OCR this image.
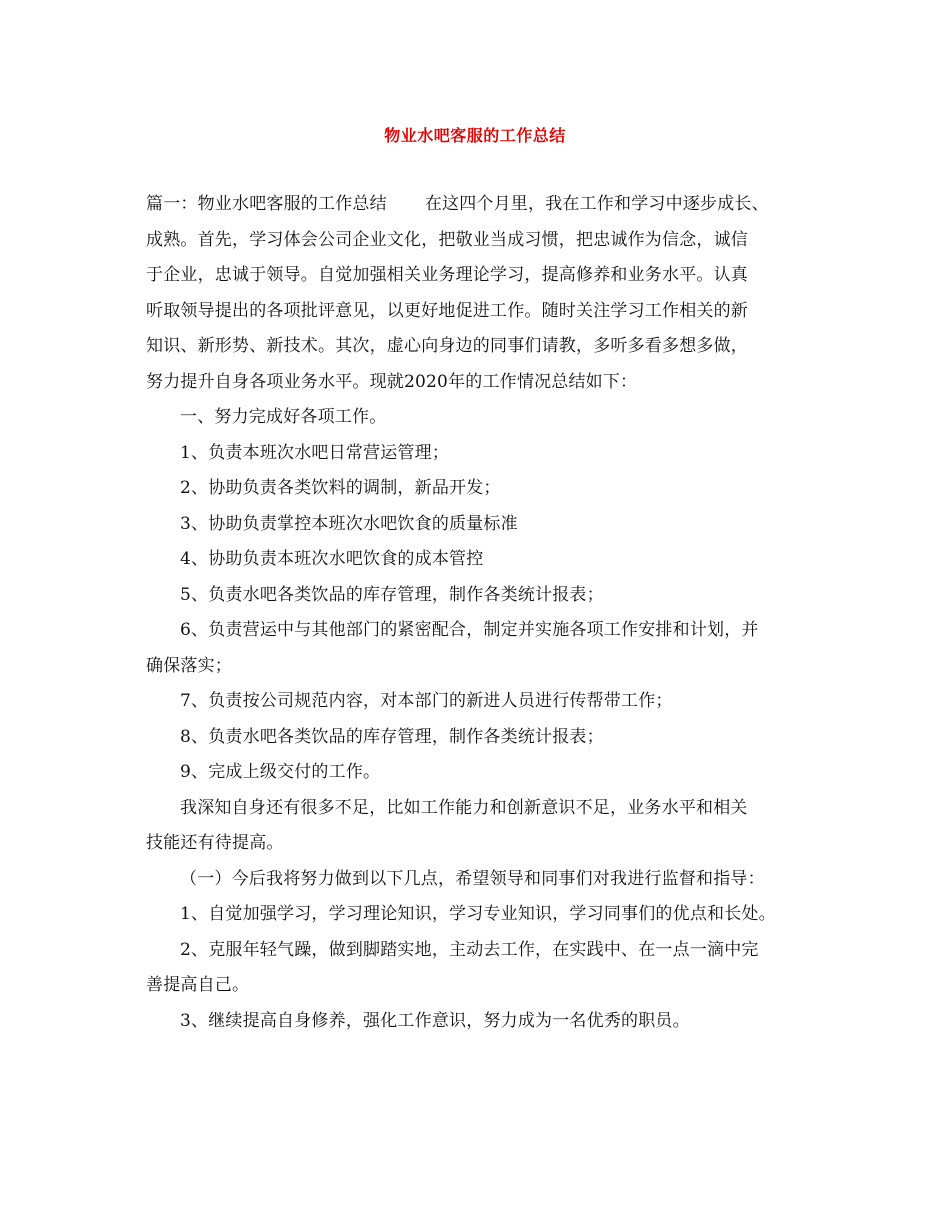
物业水吧客服的工作总结
篇一：物业水吧客服的工作总结 在这四个月里，我在工作和学习中逐步成长、
成熟。首先，学习体会公司企业文化，把敬业当成习惯，把忠诚作为信念，诚信
于企业，忠诚于领导。自觉加强相关业务理论学习，提高修养和业务水平。认真
听取领导提出的各项批评意见，以更好地促进工作。随时关注学习工作相关的新
知识、新形势、新技术。其次，虚心向身边的同事们请教，多听多看多想多做，
努力提升自身各项业务水平。现就2020年的工作情况总结如下：
一、努力完成好各项工作。
1、负责本班次水吧日常营运管理；
2、协助负责各类饮料的调制，新品开发；
3、协助负责掌控本班次水吧饮食的质量标准
4、协助负责本班次水吧饮食的成本管控
5、负责水吧各类饮品的库存管理，制作各类统计报表；
6、负责营运中与其他部门的紧密配合，制定并实施各项工作安排和计划，并
确保落实；
7、负责按公司规范内容，对本部门的新进人员进行传帮带工作；
8、负责水吧各类饮品的库存管理，制作各类统计报表；
9、完成上级交付的工作。
我深知自身还有很多不足，比如工作能力和创新意识不足，业务水平和相关
技能还有待提高。
（一）今后我将努力做到以下几点，希望领导和同事们对我进行监督和指导：
1、自觉加强学习，学习理论知识，学习专业知识，学习同事们的优点和长处。
2、克服年轻气躁，做到脚踏实地，主动去工作，在实践中、在一点一滴中完
善提高自己。
3、继续提高自身修养，强化工作意识，努力成为一名优秀的职员。
